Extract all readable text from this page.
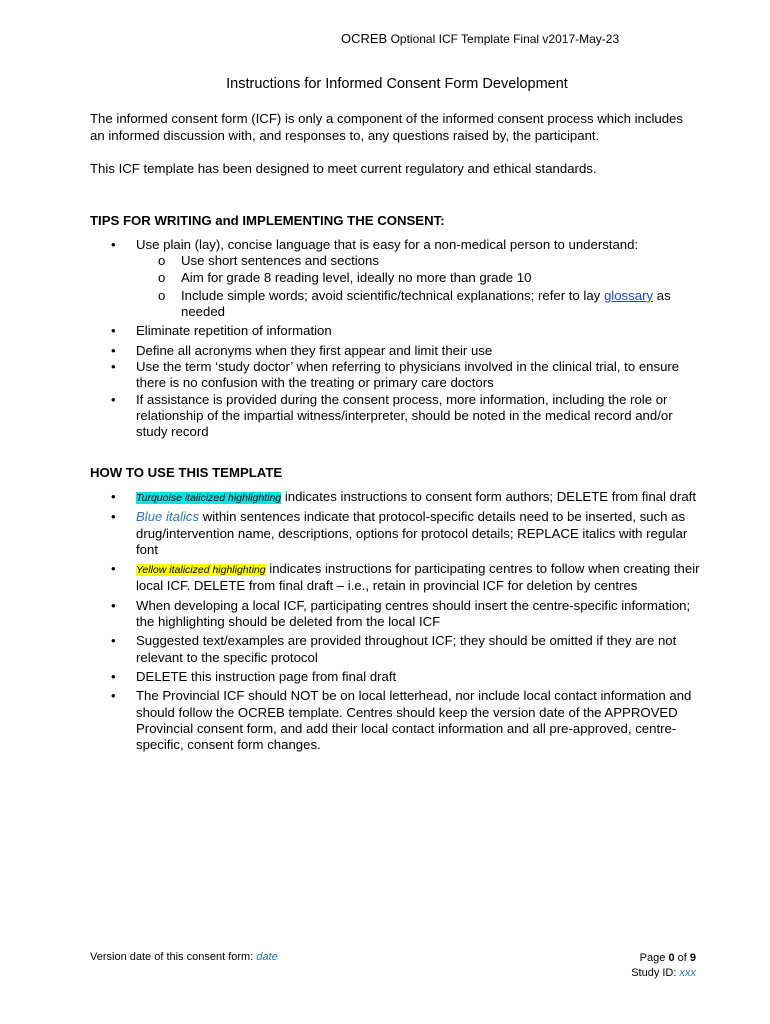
OCREB Optional ICF Template Final v2017-May-23
Instructions for Informed Consent Form Development
The informed consent form (ICF) is only a component of the informed consent process which includes an informed discussion with, and responses to, any questions raised by, the participant.
This ICF template has been designed to meet current regulatory and ethical standards.
TIPS FOR WRITING and IMPLEMENTING THE CONSENT:
• Use plain (lay), concise language that is easy for a non-medical person to understand:
o Use short sentences and sections
o Aim for grade 8 reading level, ideally no more than grade 10
o Include simple words; avoid scientific/technical explanations; refer to lay glossary as needed
• Eliminate repetition of information
• Define all acronyms when they first appear and limit their use
• Use the term ‘study doctor’ when referring to physicians involved in the clinical trial, to ensure there is no confusion with the treating or primary care doctors
• If assistance is provided during the consent process, more information, including the role or relationship of the impartial witness/interpreter, should be noted in the medical record and/or study record
HOW TO USE THIS TEMPLATE
• Turquoise italicized highlighting indicates instructions to consent form authors; DELETE from final draft
• Blue italics within sentences indicate that protocol-specific details need to be inserted, such as drug/intervention name, descriptions, options for protocol details; REPLACE italics with regular font
• Yellow italicized highlighting indicates instructions for participating centres to follow when creating their local ICF. DELETE from final draft – i.e., retain in provincial ICF for deletion by centres
• When developing a local ICF, participating centres should insert the centre-specific information; the highlighting should be deleted from the local ICF
• Suggested text/examples are provided throughout ICF; they should be omitted if they are not relevant to the specific protocol
• DELETE this instruction page from final draft
• The Provincial ICF should NOT be on local letterhead, nor include local contact information and should follow the OCREB template. Centres should keep the version date of the APPROVED Provincial consent form, and add their local contact information and all pre-approved, centre-specific, consent form changes.
Version date of this consent form: date	Page 0 of 9
Study ID: xxx
